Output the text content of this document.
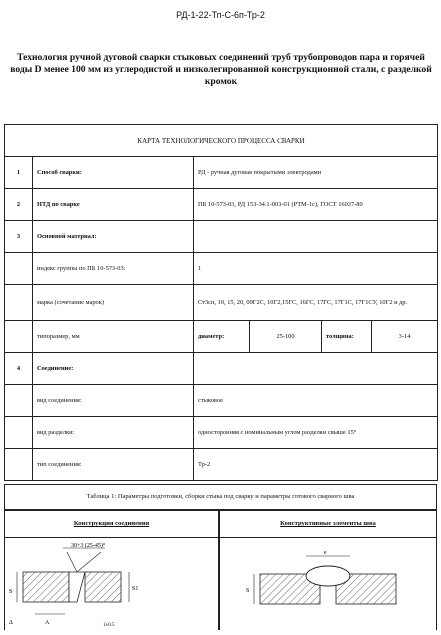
РД-1-22-Тп-С-6п-Тр-2
Технология ручной дуговой сварки стыковых соединений труб трубопроводов пара и горячей воды D менее 100 мм из углеродистой и низколегированной конструкционной стали, с разделкой кромок
КАРТА ТЕХНОЛОГИЧЕСКОГО ПРОЦЕССА СВАРКИ					
1	Способ сварки:	РД - ручная дуговая покрытыми электродами			
2	НТД по сварке	ПБ 10-573-03, РД 153-34.1-003-01 (РТМ-1с), ГОСТ 16037-80			
3	Основной материал:				
	индекс группы по ПБ 10-573-03:	1			
	марка (сочетание марок)	Ст3сп, 10, 15, 20, 09Г2С, 10Г2,15ГС, 16ГС, 17ГС, 17Г1С, 17Г1СУ, 10Г2 и др.			
	типоразмер, мм	диаметр:	25-100	толщина:	3-14
4	Соединение:				
	вид соединения:	стыковое			
	вид разделки:	односторонняя с номинальным углом разделки свыше 15°			
	тип соединения:	Тр-2			
Таблица 1: Параметры подготовки, сборки стыка под сварку и параметры готового сварного шва
Конструкция соединения	Конструктивные элементы шва
30+3 (25-45)°
S	S1
A
Δ	1±0.5
e
S
